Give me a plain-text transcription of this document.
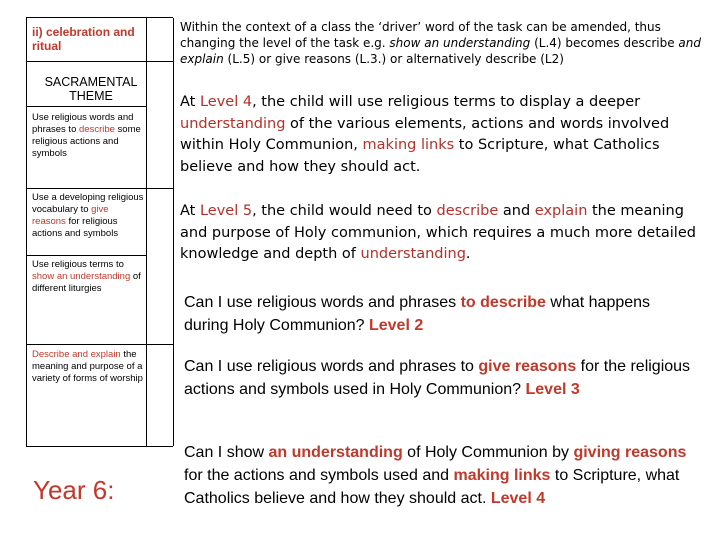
ii) celebration and ritual
SACRAMENTAL THEME
Use religious words and phrases to describe some religious actions and symbols
Use a developing religious vocabulary to give reasons for religious actions and symbols
Use religious terms to show an understanding of different liturgies
Describe and explain the meaning and purpose of a variety of forms of worship
Year 6:
Within the context of a class the ‘driver’ word of the task can be amended, thus changing the level of the task e.g. show an understanding (L.4) becomes describe and explain (L.5) or give reasons (L.3.) or alternatively describe (L2)
At Level 4, the child will use religious terms to display a deeper understanding of the various elements, actions and words involved within Holy Communion, making links to Scripture, what Catholics believe and how they should act.
At Level 5, the child would need to describe and explain the meaning and purpose of Holy communion, which requires a much more detailed knowledge and depth of understanding.
Can I use religious words and phrases to describe what happens during Holy Communion? Level 2
Can I use religious words and phrases to give reasons for the religious actions and symbols used in Holy Communion? Level 3
Can I show an understanding of Holy Communion by giving reasons for the actions and symbols used and making links to Scripture, what Catholics believe and how they should act. Level 4
